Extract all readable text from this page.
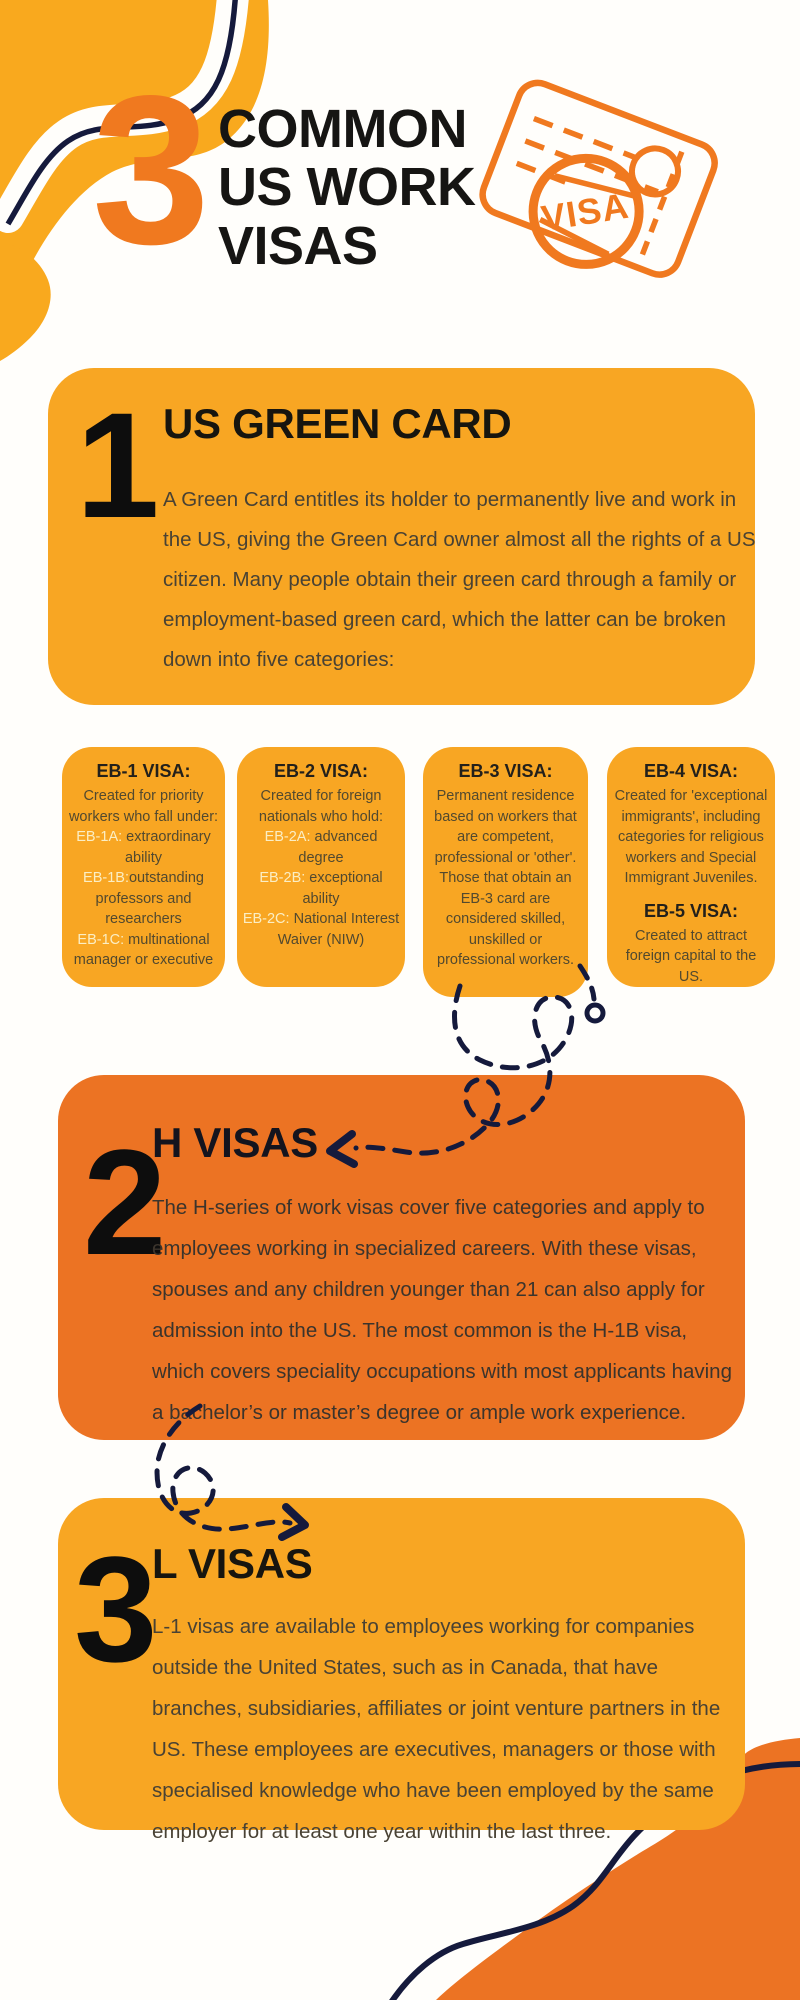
3 COMMON
US WORK
VISAS
VISA
1 US GREEN CARD
A Green Card entitles its holder to permanently live and work in the US, giving the Green Card owner almost all the rights of a US citizen. Many people obtain their green card through a family or employment-based green card, which the latter can be broken down into five categories:
EB-1 VISA:
Created for priority workers who fall under:
EB-1A: extraordinary ability
EB-1B:outstanding professors and researchers
EB-1C: multinational manager or executive
EB-2 VISA:
Created for foreign nationals who hold:
EB-2A: advanced degree
EB-2B: exceptional ability
EB-2C: National Interest Waiver (NIW)
EB-3 VISA:
Permanent residence based on workers that are competent, professional or 'other'. Those that obtain an EB-3 card are considered skilled, unskilled or professional workers.
EB-4 VISA:
Created for 'exceptional immigrants', including categories for religious workers and Special Immigrant Juveniles.
EB-5 VISA:
Created to attract foreign capital to the US.
2
H VISAS
The H-series of work visas cover five categories and apply to employees working in specialized careers. With these visas, spouses and any children younger than 21 can also apply for admission into the US. The most common is the H-1B visa, which covers speciality occupations with most applicants having a bachelor’s or master’s degree or ample work experience.
3
L VISAS
L-1 visas are available to employees working for companies outside the United States, such as in Canada, that have branches, subsidiaries, affiliates or joint venture partners in the US. These employees are executives, managers or those with specialised knowledge who have been employed by the same employer for at least one year within the last three.
